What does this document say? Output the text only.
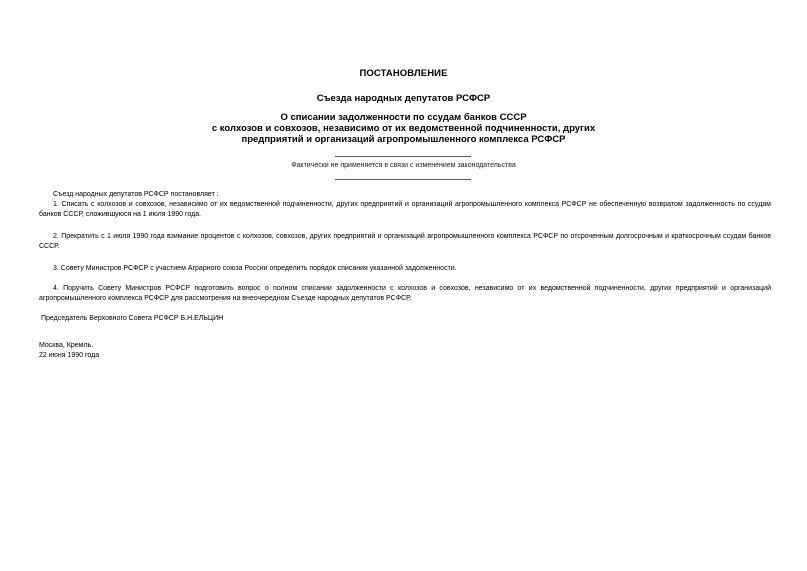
ПОСТАНОВЛЕНИЕ
Съезда народных депутатов РСФСР
О списании задолженности по ссудам банков СССР
с колхозов и совхозов, независимо от их ведомственной подчиненности, других
предприятий и организаций агропромышленного комплекса РСФСР
Фактически не применяется в связи с изменением законодательства
Съезд народных депутатов РСФСР постановляет :
1. Списать с колхозов и совхозов, независимо от их ведомственной подчиненности, других предприятий и организаций агропромышленного комплекса РСФСР не обеспеченную возвратом задолженность по ссудам банков СССР, сложившуюся на 1 июля 1990 года.
2. Прекратить с 1 июля 1990 года взимание процентов с колхозов, совхозов, других предприятий и организаций агропромышленного комплекса РСФСР по отсроченным долгосрочным и краткосрочным ссудам банков СССР.
3. Совету Министров РСФСР с участием Аграрного союза России определить порядок списания указанной задолженности.
4. Поручить Совету Министров РСФСР подготовить вопрос о полном списании задолженности с колхозов и совхозов, независимо от их ведомственной подчиненности, других предприятий и организаций агропромышленного комплекса РСФСР для рассмотрения на внеочередном Съезде народных депутатов РСФСР.
Председатель Верховного Совета РСФСР Б.Н.ЕЛЬЦИН
Москва, Кремль.
22 июня 1990 года
